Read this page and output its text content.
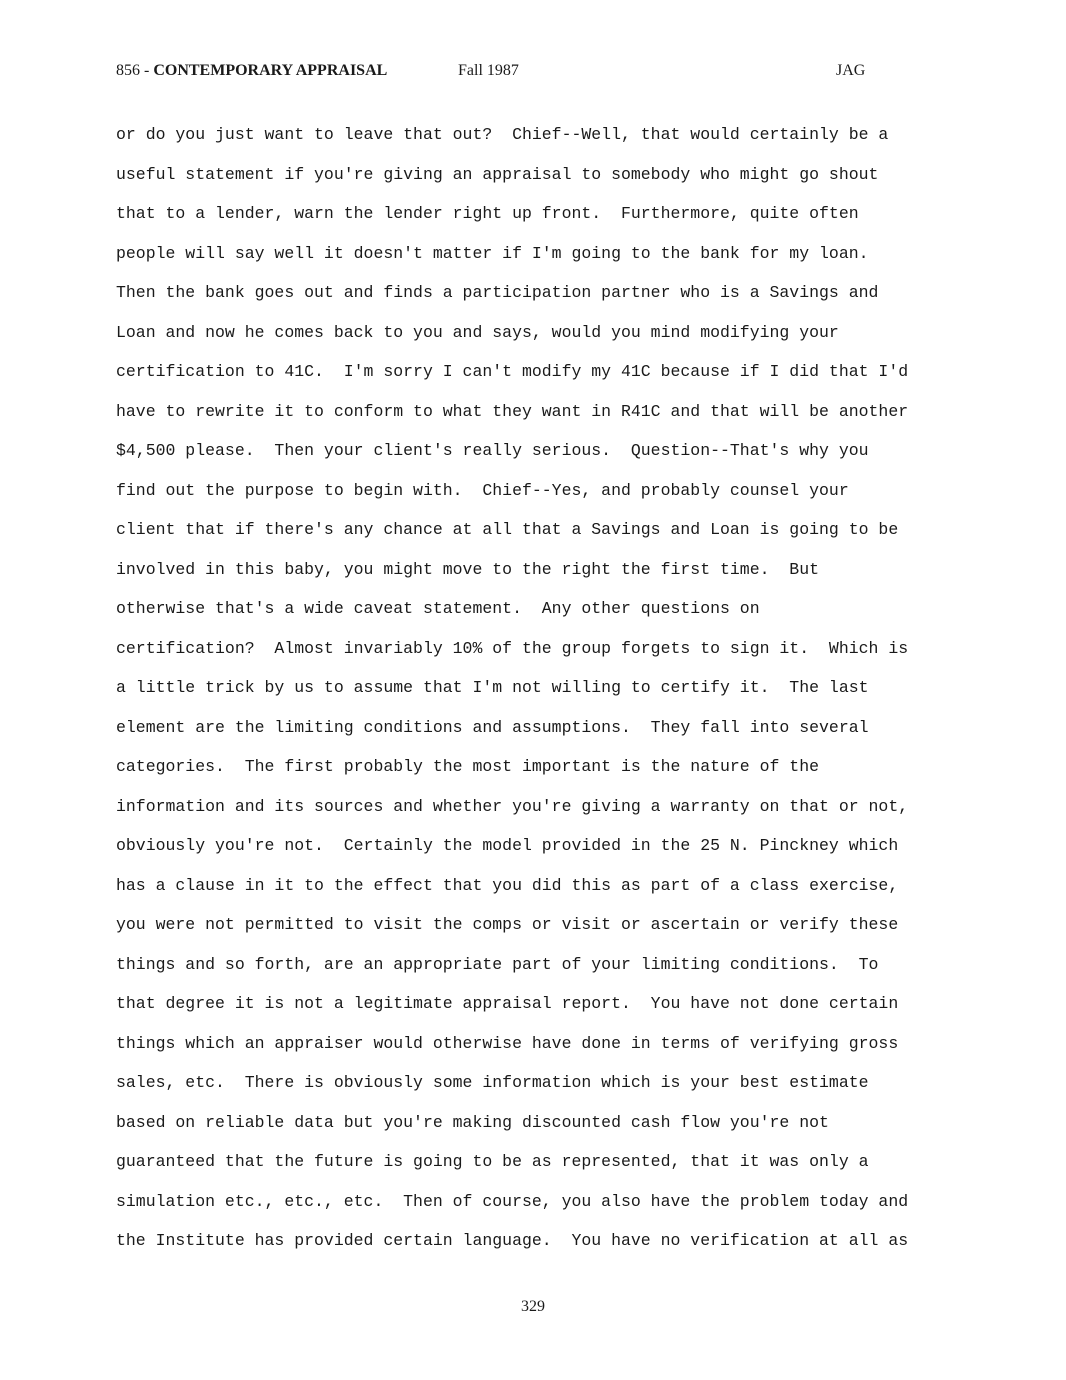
856 - CONTEMPORARY APPRAISAL	Fall 1987	JAG
or do you just want to leave that out?  Chief--Well, that would certainly be a
useful statement if you're giving an appraisal to somebody who might go shout
that to a lender, warn the lender right up front.  Furthermore, quite often
people will say well it doesn't matter if I'm going to the bank for my loan.
Then the bank goes out and finds a participation partner who is a Savings and
Loan and now he comes back to you and says, would you mind modifying your
certification to 41C.  I'm sorry I can't modify my 41C because if I did that I'd
have to rewrite it to conform to what they want in R41C and that will be another
$4,500 please.  Then your client's really serious.  Question--That's why you
find out the purpose to begin with.  Chief--Yes, and probably counsel your
client that if there's any chance at all that a Savings and Loan is going to be
involved in this baby, you might move to the right the first time.  But
otherwise that's a wide caveat statement.  Any other questions on
certification?  Almost invariably 10% of the group forgets to sign it.  Which is
a little trick by us to assume that I'm not willing to certify it.  The last
element are the limiting conditions and assumptions.  They fall into several
categories.  The first probably the most important is the nature of the
information and its sources and whether you're giving a warranty on that or not,
obviously you're not.  Certainly the model provided in the 25 N. Pinckney which
has a clause in it to the effect that you did this as part of a class exercise,
you were not permitted to visit the comps or visit or ascertain or verify these
things and so forth, are an appropriate part of your limiting conditions.  To
that degree it is not a legitimate appraisal report.  You have not done certain
things which an appraiser would otherwise have done in terms of verifying gross
sales, etc.  There is obviously some information which is your best estimate
based on reliable data but you're making discounted cash flow you're not
guaranteed that the future is going to be as represented, that it was only a
simulation etc., etc., etc.  Then of course, you also have the problem today and
the Institute has provided certain language.  You have no verification at all as
329
